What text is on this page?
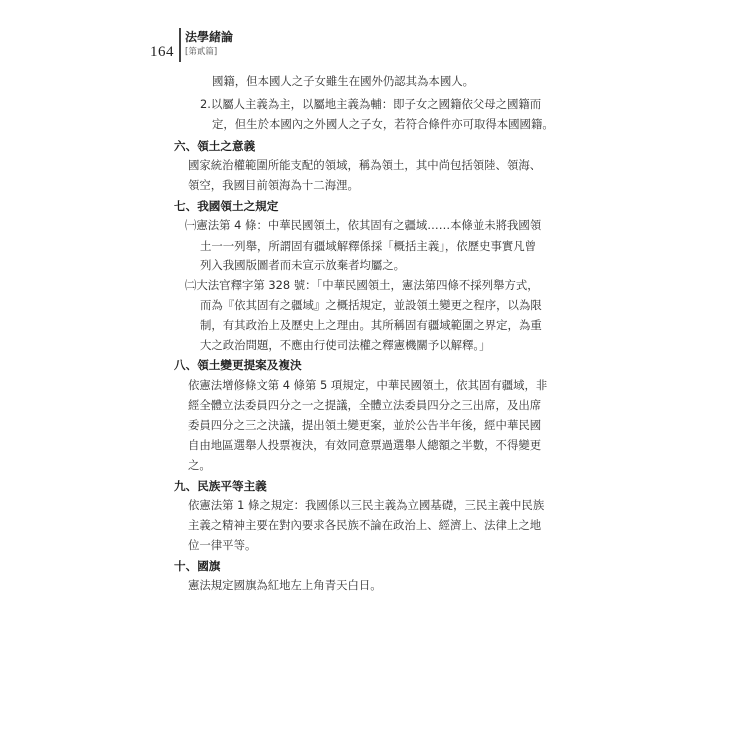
164
法學緒論
[第貳篇]
國籍，但本國人之子女雖生在國外仍認其為本國人。
2.以屬人主義為主，以屬地主義為輔：即子女之國籍依父母之國籍而
定，但生於本國內之外國人之子女，若符合條件亦可取得本國國籍。
六、領土之意義
國家統治權範圍所能支配的領域，稱為領土，其中尚包括領陸、領海、
領空，我國目前領海為十二海浬。
七、我國領土之規定
㈠憲法第 4 條：中華民國領土，依其固有之疆域……本條並未將我國領
土一一列舉，所謂固有疆域解釋係採「概括主義」，依歷史事實凡曾
列入我國版圖者而未宣示放棄者均屬之。
㈡大法官釋字第 328 號：「中華民國領土，憲法第四條不採列舉方式，
而為『依其固有之疆域』之概括規定，並設領土變更之程序，以為限
制，有其政治上及歷史上之理由。其所稱固有疆域範圍之界定，為重
大之政治問題，不應由行使司法權之釋憲機關予以解釋。」
八、領土變更提案及複決
依憲法增修條文第 4 條第 5 項規定，中華民國領土，依其固有疆域，非
經全體立法委員四分之一之提議，全體立法委員四分之三出席，及出席
委員四分之三之決議，提出領土變更案，並於公告半年後，經中華民國
自由地區選舉人投票複決，有效同意票過選舉人總額之半數，不得變更
之。
九、民族平等主義
依憲法第 1 條之規定：我國係以三民主義為立國基礎，三民主義中民族
主義之精神主要在對內要求各民族不論在政治上、經濟上、法律上之地
位一律平等。
十、國旗
憲法規定國旗為紅地左上角青天白日。
